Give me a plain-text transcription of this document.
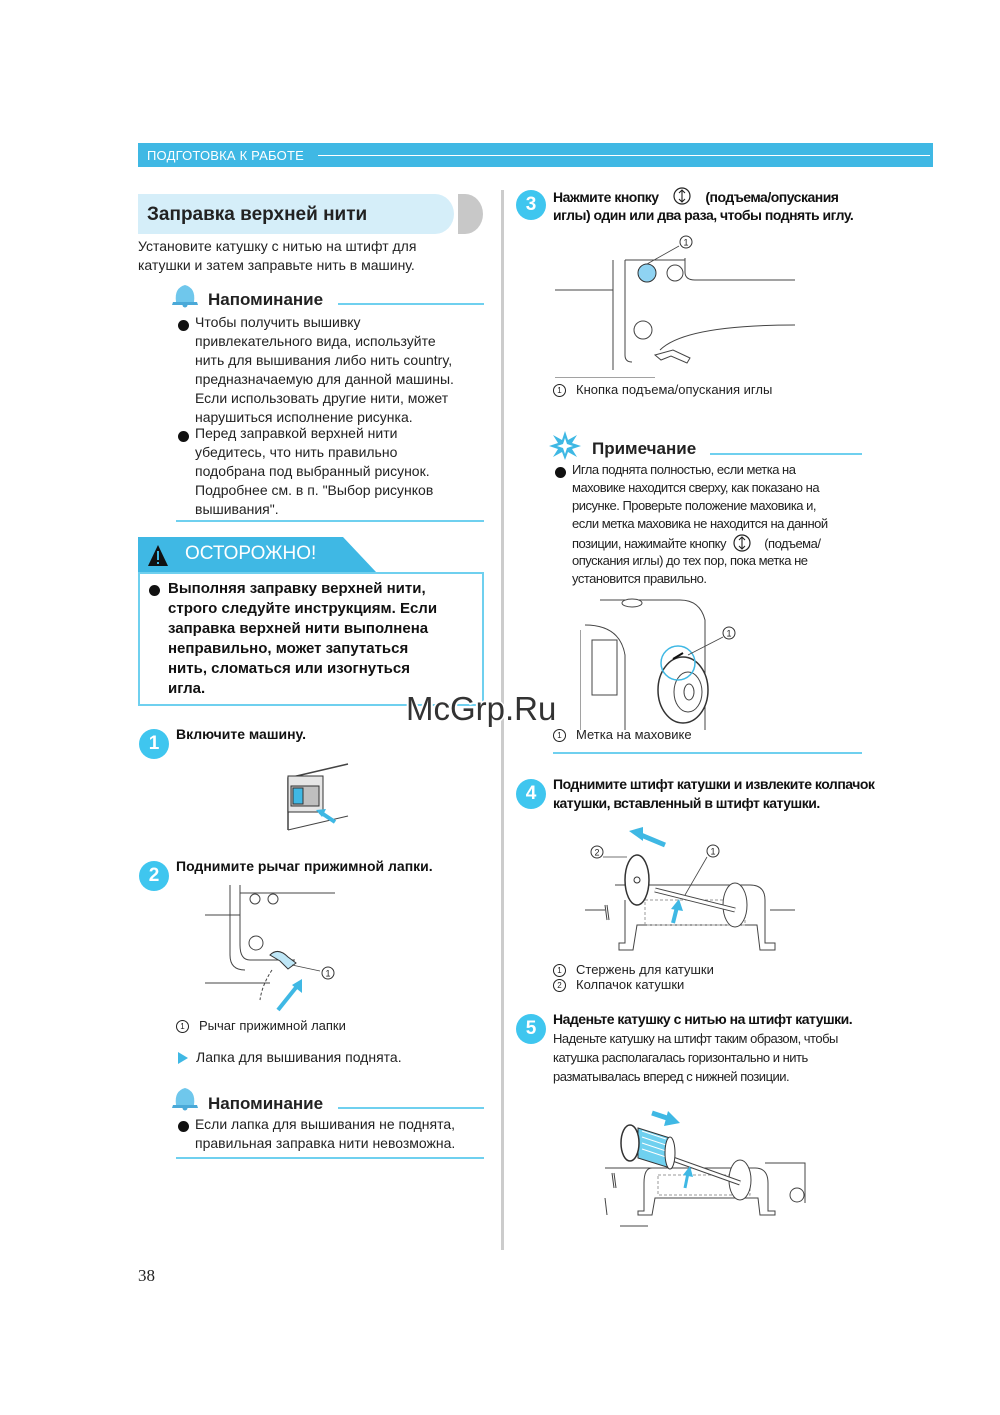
ПОДГОТОВКА К РАБОТЕ
Заправка верхней нити
Установите катушку с нитью на штифт для
катушки и затем заправьте нить в машину.
Напоминание
Чтобы получить вышивку
привлекательного вида, используйте
нить для вышивания либо нить country,
предназначаемую для данной машины.
Если использовать другие нити, может
нарушиться исполнение рисунка.
Перед заправкой верхней нити
убедитесь, что нить правильно
подобрана под выбранный рисунок.
Подробнее см. в п. "Выбор рисунков
вышивания".
ОСТОРОЖНО!
Выполняя заправку верхней нити,
строго следуйте инструкциям. Если
заправка верхней нити выполнена
неправильно, может запутаться
нить, сломаться или изогнуться
игла.
McGrp.Ru
1	Включите машину.
2	Поднимите рычаг прижимной лапки.
1
1 Рычаг прижимной лапки
Лапка для вышивания поднята.
Напоминание
Если лапка для вышивания не поднята,
правильная заправка нити невозможна.
38
3	Нажмите кнопку	(подъема/опускания
иглы) один или два раза, чтобы поднять иглу.
1
1 Кнопка подъема/опускания иглы
Примечание
Игла поднята полностью, если метка на
маховике находится сверху, как показано на
рисунке. Проверьте положение маховика и,
если метка маховика не находится на данной
позиции, нажимайте кнопку	(подъема/
опускания иглы) до тех пор, пока метка не
установится правильно.
1
1 Метка на маховике
4	Поднимите штифт катушки и извлеките колпачок
катушки, вставленный в штифт катушки.
2	1
1 Стержень для катушки
2 Колпачок катушки
5	Наденьте катушку с нитью на штифт катушки.
Наденьте катушку на штифт таким образом, чтобы
катушка располагалась горизонтально и нить
разматывалась вперед с нижней позиции.
